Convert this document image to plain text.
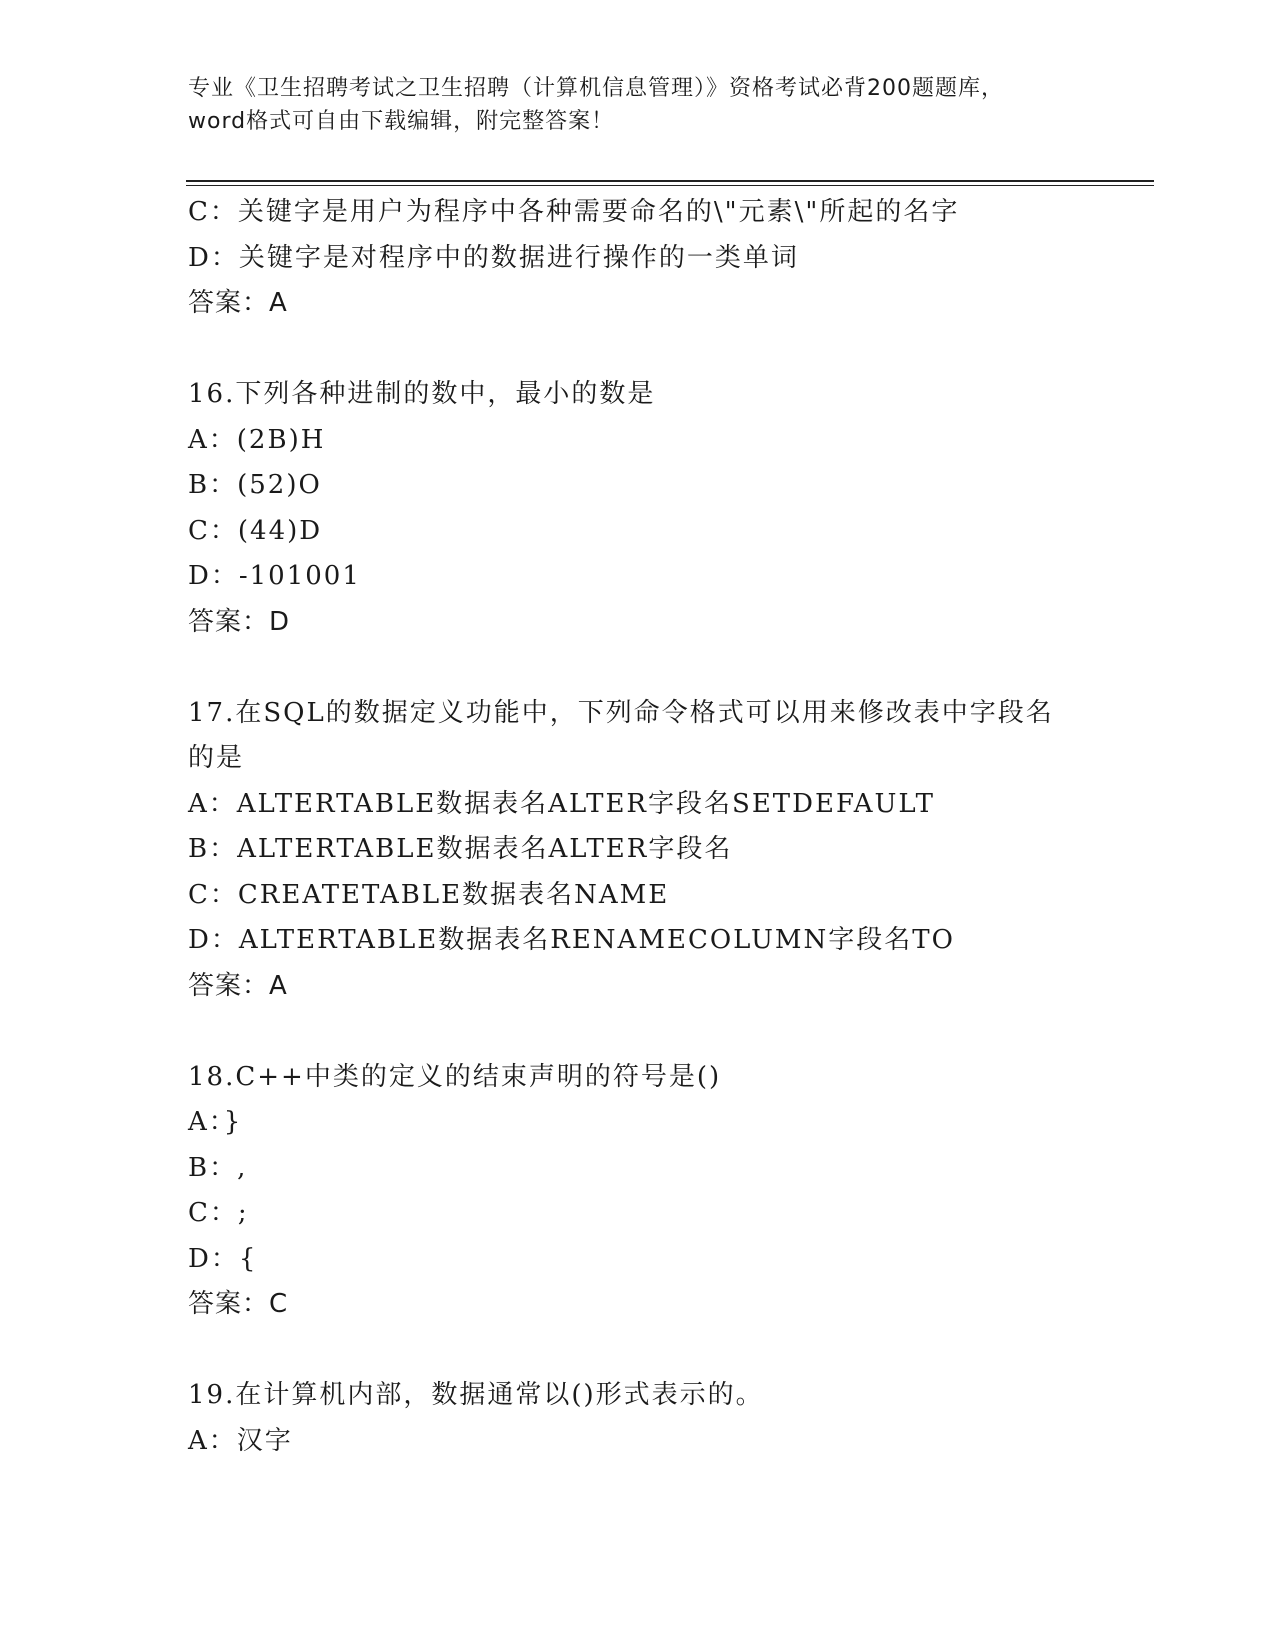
专业《卫生招聘考试之卫生招聘（计算机信息管理）》资格考试必背200题题库，
word格式可自由下载编辑，附完整答案！
C：关键字是用户为程序中各种需要命名的\"元素\"所起的名字
D：关键字是对程序中的数据进行操作的一类单词
答案：A
16.下列各种进制的数中，最小的数是
A：(2B)H
B：(52)O
C：(44)D
D：-101001
答案：D
17.在SQL的数据定义功能中，下列命令格式可以用来修改表中字段名
的是
A：ALTERTABLE数据表名ALTER字段名SETDEFAULT
B：ALTERTABLE数据表名ALTER字段名
C：CREATETABLE数据表名NAME
D：ALTERTABLE数据表名RENAMECOLUMN字段名TO
答案：A
18.C++中类的定义的结束声明的符号是()
A：}
B：,
C：;
D：{
答案：C
19.在计算机内部，数据通常以()形式表示的。
A：汉字
